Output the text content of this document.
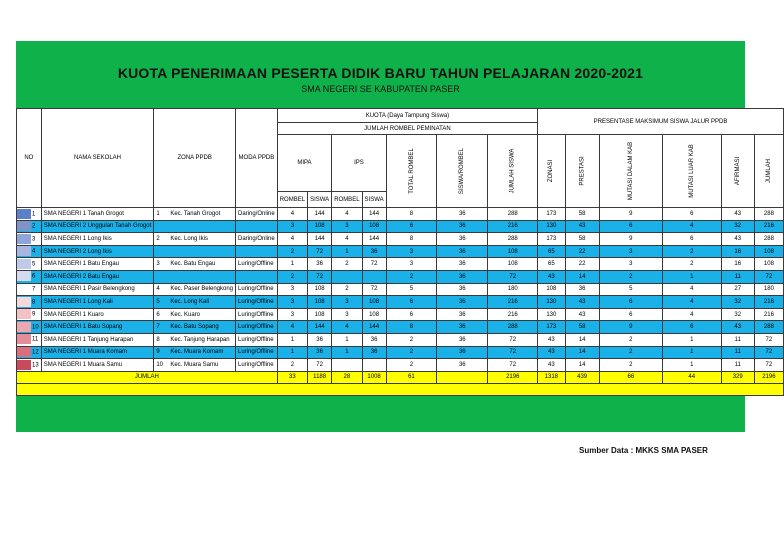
KUOTA PENERIMAAN PESERTA DIDIK BARU TAHUN PELAJARAN 2020-2021
SMA NEGERI SE KABUPATEN PASER
NO	NAMA SEKOLAH	ZONA PPDB	MODA PPDB	KUOTA (Daya Tampung Siswa)							PRESENTASE MAKSIMUM SISWA JALUR PPDB					
				JUMLAH ROMBEL PEMINATAN												
				MIPA		IPS		TOTAL ROMBEL	SISWA/ROMBEL	JUMLAH SISWA	ZONASI	PRESTASI	MUTASI DALAM KAB	MUTASI LUAR KAB	AFIRMASI	JUMLAH
				ROMBEL	SISWA	ROMBEL	SISWA									
1	SMA NEGERI 1 Tanah Grogot	1 Kec. Tanah Grogot	Daring/Online	4	144	4	144	8	36	288	173	58	9	6	43	288
2	SMA NEGERI 2 Unggulan Tanah Grogot			3	108	3	108	6	36	216	130	43	6	4	32	216
3	SMA NEGERI 1 Long Ikis	2 Kec. Long Ikis	Daring/Online	4	144	4	144	8	36	288	173	58	9	6	43	288
4	SMA NEGERI 2 Long Ikis			2	72	1	36	3	36	108	65	22	3	2	16	108
5	SMA NEGERI 1 Batu Engau	3 Kec. Batu Engau	Luring/Offline	1	36	2	72	3	36	108	65	22	3	2	16	108
6	SMA NEGERI 2 Batu Engau			2	72			2	36	72	43	14	2	1	11	72
7	SMA NEGERI 1 Pasir Belengkong	4 Kec. Paser Belengkong	Luring/Offline	3	108	2	72	5	36	180	108	36	5	4	27	180
8	SMA NEGERI 1 Long Kali	5 Kec. Long Kali	Luring/Offline	3	108	3	108	6	36	216	130	43	6	4	32	216
9	SMA NEGERI 1 Kuaro	6 Kec. Kuaro	Luring/Offline	3	108	3	108	6	36	216	130	43	6	4	32	216
10	SMA NEGERI 1 Batu Sopang	7 Kec. Batu Sopang	Luring/Offline	4	144	4	144	8	36	288	173	58	9	6	43	288
11	SMA NEGERI 1 Tanjung Harapan	8 Kec. Tanjung Harapan	Luring/Offline	1	36	1	36	2	36	72	43	14	2	1	11	72
12	SMA NEGERI 1 Muara Komam	9 Kec. Muara Komam	Luring/Offline	1	36	1	36	2	36	72	43	14	2	1	11	72
13	SMA NEGERI 1 Muara Samu	10 Kec. Muara Samu	Luring/Offline	2	72			2	36	72	43	14	2	1	11	72
JUMLAH				33	1188	28	1008	61		2196	1318	439	66	44	329	2196

Sumber Data : MKKS SMA PASER
